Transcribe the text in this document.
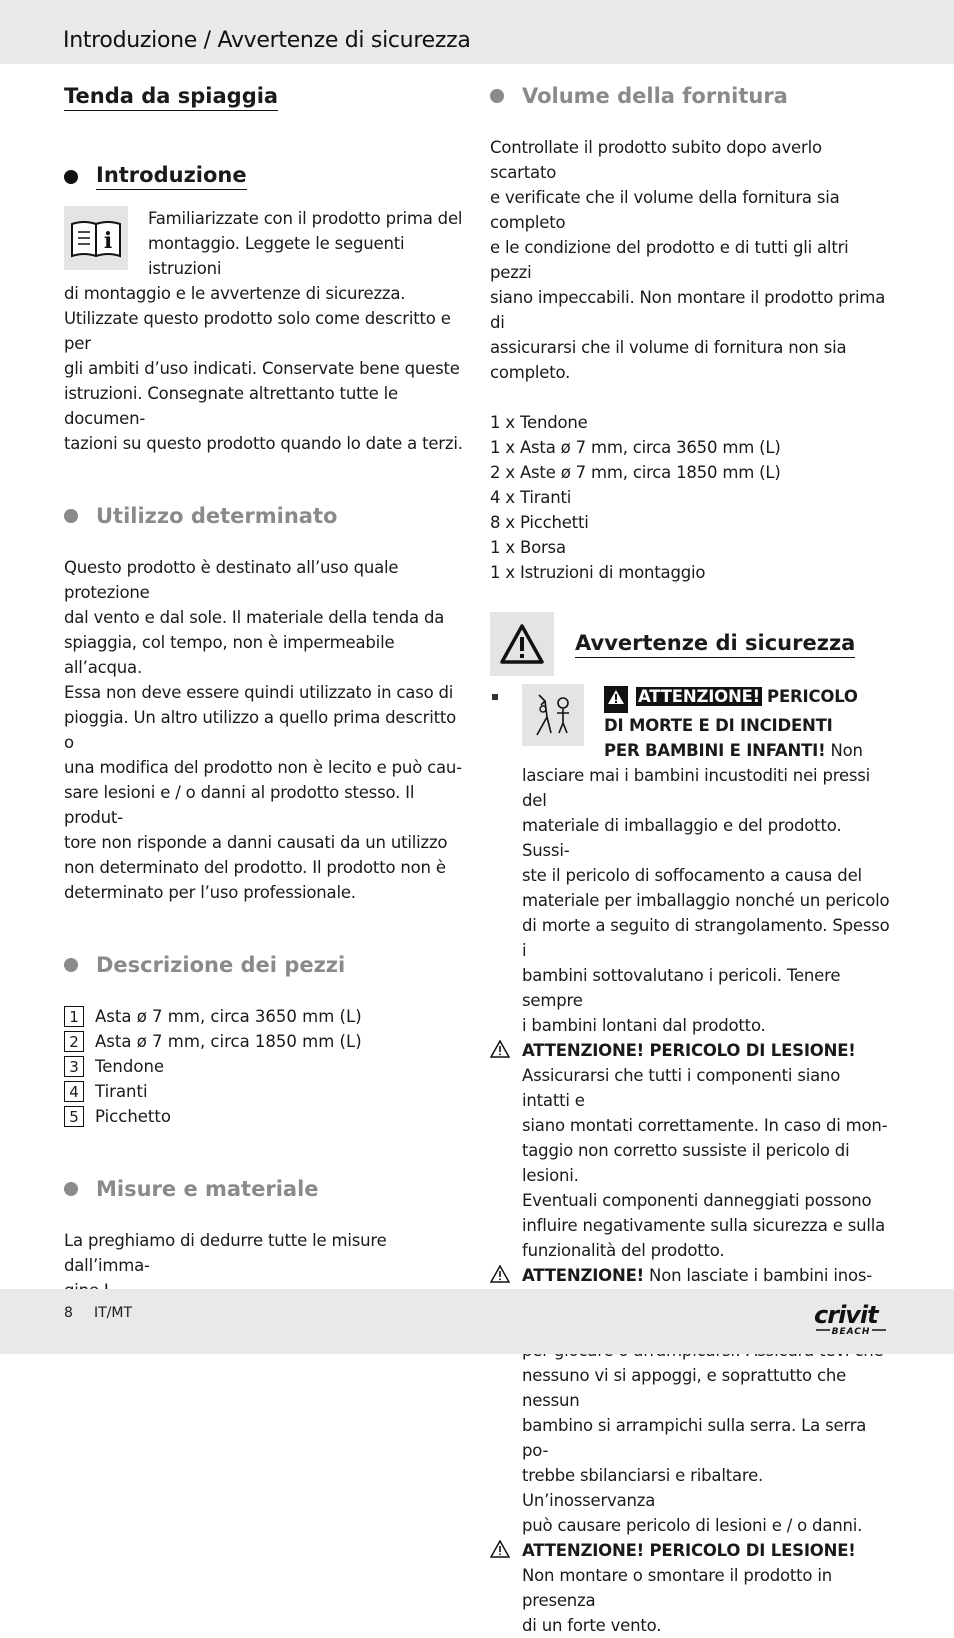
Introduzione / Avvertenze di sicurezza
Tenda da spiaggia
Introduzione
i

Familiarizzate con il prodotto prima del

montaggio. Leggete le seguenti istruzioni

di montaggio e le avvertenze di sicurezza.

Utilizzate questo prodotto solo come descritto e per

gli ambiti d’uso indicati. Conservate bene queste

istruzioni. Consegnate altrettanto tutte le documen-

tazioni su questo prodotto quando lo date a terzi.

Utilizzo determinato

Questo prodotto è destinato all’uso quale protezione

dal vento e dal sole. Il materiale della tenda da

spiaggia, col tempo, non è impermeabile all’acqua.

Essa non deve essere quindi utilizzato in caso di

pioggia. Un altro utilizzo a quello prima descritto o

una modifica del prodotto non è lecito e può cau-

sare lesioni e / o danni al prodotto stesso. Il produt-

tore non risponde a danni causati da un utilizzo

non determinato del prodotto. Il prodotto non è

determinato per l’uso professionale.

Descrizione dei pezzi
1 Asta ø 7 mm, circa 3650 mm (L)
2 Asta ø 7 mm, circa 1850 mm (L)
3 Tendone
4 Tiranti
5 Picchetto
Misure e materiale

La preghiamo di dedurre tutte le misure dall’imma-

Volume della fornitura

Controllate il prodotto subito dopo averlo scartato

e verificate che il volume della fornitura sia completo

e le condizione del prodotto e di tutti gli altri pezzi

siano impeccabili. Non montare il prodotto prima di

assicurarsi che il volume di fornitura non sia completo.

1 x Tendone

1 x Asta ø 7 mm, circa 3650 mm (L)

2 x Aste ø 7 mm, circa 1850 mm (L)

4 x Tiranti

8 x Picchetti

1 x Borsa

1 x Istruzioni di montaggio

Avvertenze di sicurezza

ATTENZIONE! PERICOLO

DI MORTE E DI INCIDENTI

PER BAMBINI E INFANTI! Non

lasciare mai i bambini incustoditi nei pressi del

materiale di imballaggio e del prodotto. Sussi-

ste il pericolo di soffocamento a causa del

materiale per imballaggio nonché un pericolo

di morte a seguito di strangolamento. Spesso i

bambini sottovalutano i pericoli. Tenere sempre

i bambini lontani dal prodotto.

ATTENZIONE! PERICOLO DI LESIONE!

Assicurarsi che tutti i componenti siano intatti e

siano montati correttamente. In caso di mon-

taggio non corretto sussiste il pericolo di lesioni.

Eventuali componenti danneggiati possono

influire negativamente sulla sicurezza e sulla

funzionalità del prodotto.

ATTENZIONE! Non lasciate i bambini inos-

nessuno vi si appoggi, e soprattutto che nessun

bambino si arrampichi sulla serra. La serra po-

trebbe sbilanciarsi e ribaltare. Un’inosservanza

può causare pericolo di lesioni e / o danni.

ATTENZIONE! PERICOLO DI LESIONE!

Non montare o smontare il prodotto in presenza

di un forte vento.

8 IT/MT	crivit
BEACH
